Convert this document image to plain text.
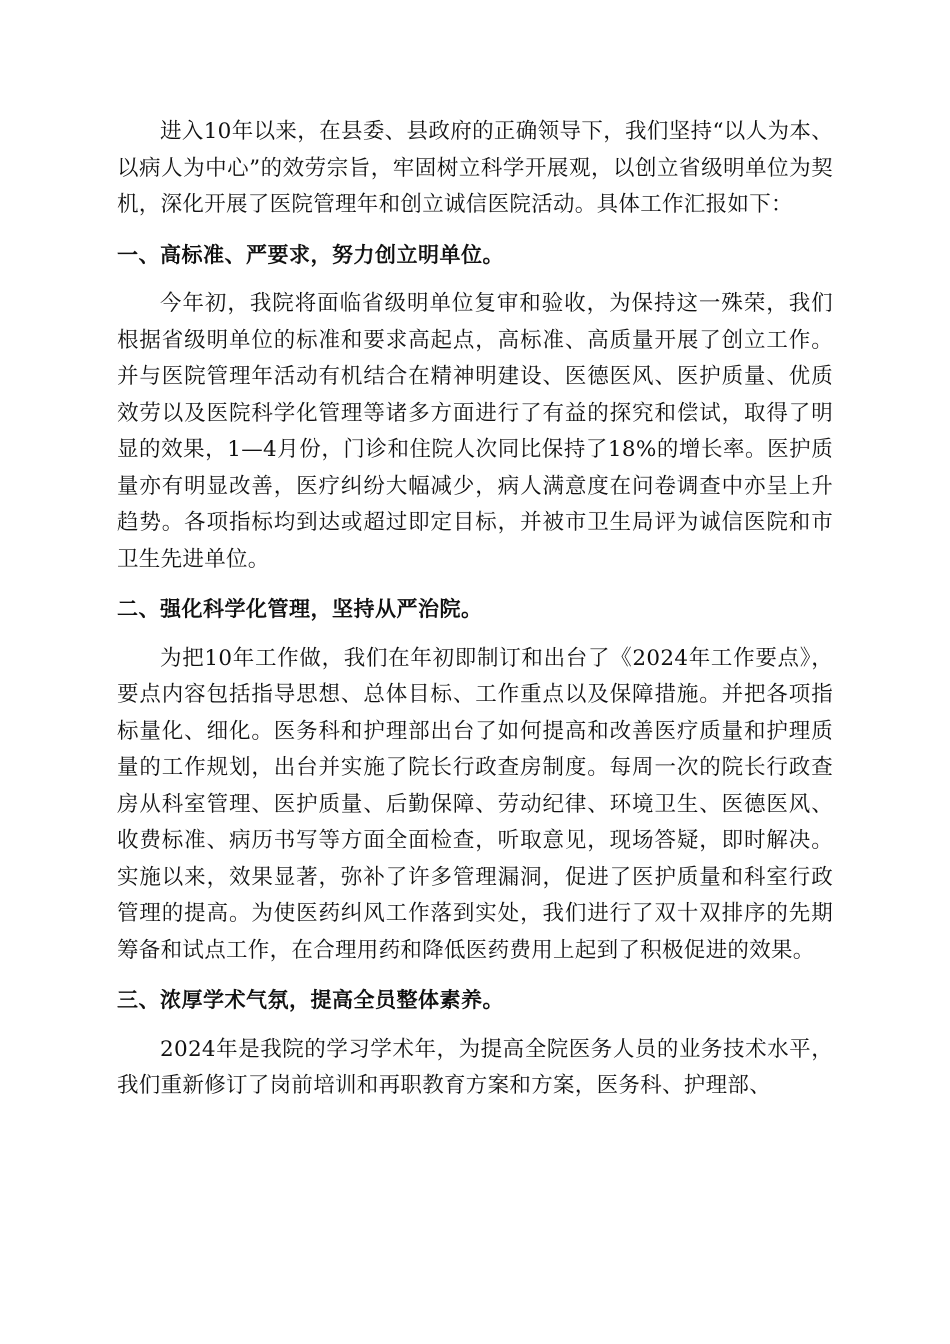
进入10年以来，在县委、县政府的正确领导下，我们坚持“以人为本、以病人为中心”的效劳宗旨，牢固树立科学开展观，以创立省级明单位为契机，深化开展了医院管理年和创立诚信医院活动。具体工作汇报如下：

一、高标准、严要求，努力创立明单位。

今年初，我院将面临省级明单位复审和验收，为保持这一殊荣，我们根据省级明单位的标准和要求高起点，高标准、高质量开展了创立工作。并与医院管理年活动有机结合在精神明建设、医德医风、医护质量、优质效劳以及医院科学化管理等诸多方面进行了有益的探究和偿试，取得了明显的效果，1—4月份，门诊和住院人次同比保持了18%的增长率。医护质量亦有明显改善，医疗纠纷大幅减少，病人满意度在问卷调查中亦呈上升趋势。各项指标均到达或超过即定目标，并被市卫生局评为诚信医院和市卫生先进单位。

二、强化科学化管理，坚持从严治院。

为把10年工作做，我们在年初即制订和出台了《2024年工作要点》，要点内容包括指导思想、总体目标、工作重点以及保障措施。并把各项指标量化、细化。医务科和护理部出台了如何提高和改善医疗质量和护理质量的工作规划，出台并实施了院长行政查房制度。每周一次的院长行政查房从科室管理、医护质量、后勤保障、劳动纪律、环境卫生、医德医风、收费标准、病历书写等方面全面检查，听取意见，现场答疑，即时解决。实施以来，效果显著，弥补了许多管理漏洞，促进了医护质量和科室行政管理的提高。为使医药纠风工作落到实处，我们进行了双十双排序的先期筹备和试点工作，在合理用药和降低医药费用上起到了积极促进的效果。

三、浓厚学术气氛，提高全员整体素养。

2024年是我院的学习学术年，为提高全院医务人员的业务技术水平，我们重新修订了岗前培训和再职教育方案和方案，医务科、护理部、
